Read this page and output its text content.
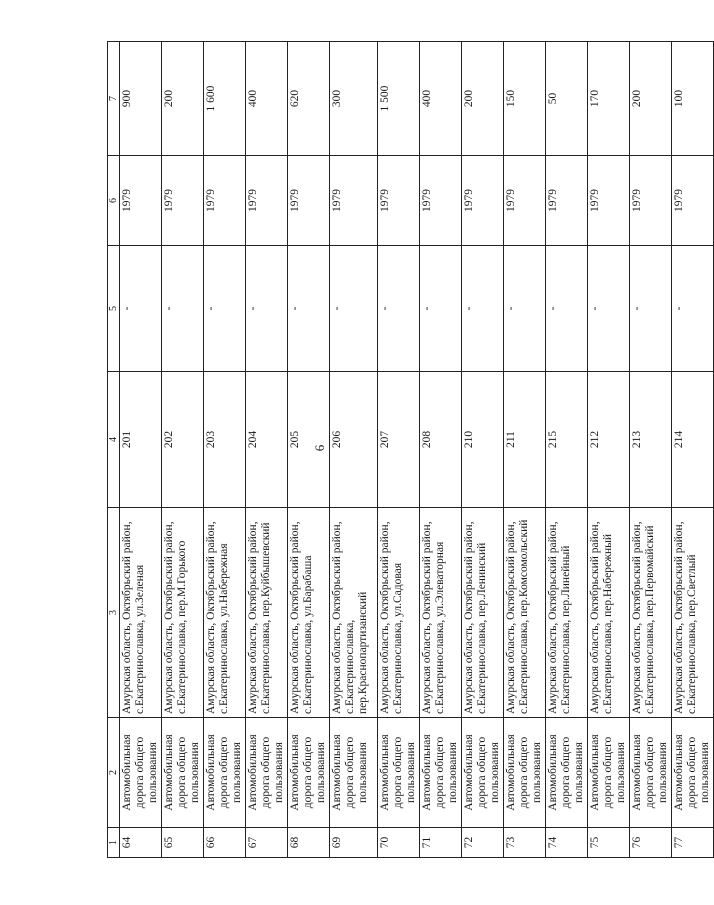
6
1	2	3	4	5	6	7
64	Автомобильная дорога общего пользования	Амурская область, Октябрьский район, с.Екатеринославка, ул.Зеленая	201	-	1979	900
65	Автомобильная дорога общего пользования	Амурская область, Октябрьский район, с.Екатеринославка, пер.М.Горького	202	-	1979	200
66	Автомобильная дорога общего пользования	Амурская область, Октябрьский район, с.Екатеринославка, ул.Набережная	203	-	1979	1 600
67	Автомобильная дорога общего пользования	Амурская область, Октябрьский район, с.Екатеринославка, пер.Куйбышевский	204	-	1979	400
68	Автомобильная дорога общего пользования	Амурская область, Октябрьский район, с.Екатеринославка, ул.Барабаша	205	-	1979	620
69	Автомобильная дорога общего пользования	Амурская область, Октябрьский район, с.Екатеринославка, пер.Краснопартизанский	206	-	1979	300
70	Автомобильная дорога общего пользования	Амурская область, Октябрьский район, с.Екатеринославка, ул.Садовая	207	-	1979	1 500
71	Автомобильная дорога общего пользования	Амурская область, Октябрьский район, с.Екатеринославка, ул.Элеваторная	208	-	1979	400
72	Автомобильная дорога общего пользования	Амурская область, Октябрьский район, с.Екатеринославка, пер.Ленинский	210	-	1979	200
73	Автомобильная дорога общего пользования	Амурская область, Октябрьский район, с.Екатеринославка, пер.Комсомольский	211	-	1979	150
74	Автомобильная дорога общего пользования	Амурская область, Октябрьский район, с.Екатеринославка, пер.Линейный	215	-	1979	50
75	Автомобильная дорога общего пользования	Амурская область, Октябрьский район, с.Екатеринославка, пер.Набережный	212	-	1979	170
76	Автомобильная дорога общего пользования	Амурская область, Октябрьский район, с.Екатеринославка, пер.Первомайский	213	-	1979	200
77	Автомобильная дорога общего пользования	Амурская область, Октябрьский район, с.Екатеринославка, пер.Светлый	214	-	1979	100
